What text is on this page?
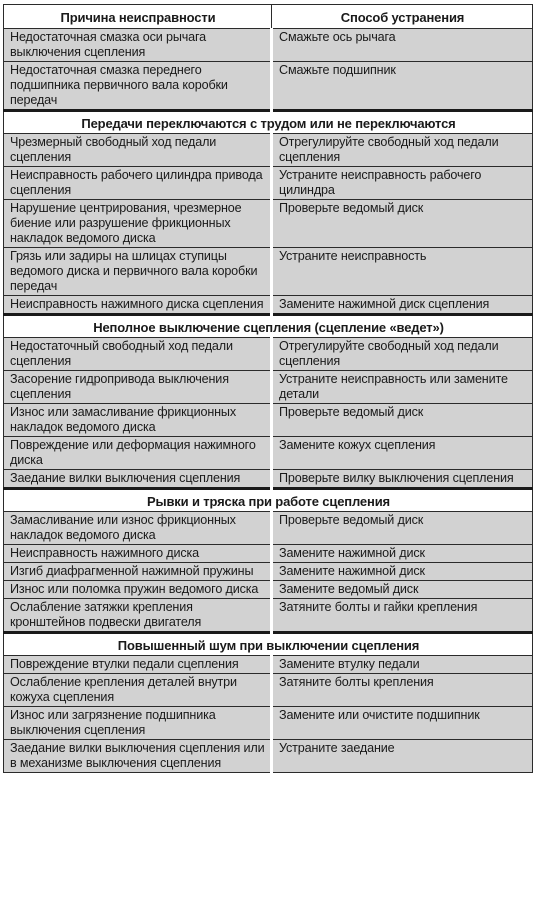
Причина неисправности	Способ устранения
Недостаточная смазка оси рычага выключения сцепления	Смажьте ось рычага
Недостаточная смазка переднего подшипника первичного вала коробки передач	Смажьте подшипник
Передачи переключаются с трудом или не переключаются	
Чрезмерный свободный ход педали сцепления	Отрегулируйте свободный ход педали сцепления
Неисправность рабочего цилиндра привода сцепления	Устраните неисправность рабочего цилиндра
Нарушение центрирования, чрезмерное биение или разрушение фрикционных накладок ведомого диска	Проверьте ведомый диск
Грязь или задиры на шлицах ступицы ведомого диска и первичного вала коробки передач	Устраните неисправность
Неисправность нажимного диска сцепления	Замените нажимной диск сцепления
Неполное выключение сцепления (сцепление «ведет»)	
Недостаточный свободный ход педали сцепления	Отрегулируйте свободный ход педали сцепления
Засорение гидропривода выключения сцепления	Устраните неисправность или замените детали
Износ или замасливание фрикционных накладок ведомого диска	Проверьте ведомый диск
Повреждение или деформация нажимного диска	Замените кожух сцепления
Заедание вилки выключения сцепления	Проверьте вилку выключения сцепления
Рывки и тряска при работе сцепления	
Замасливание или износ фрикционных накладок ведомого диска	Проверьте ведомый диск
Неисправность нажимного диска	Замените нажимной диск
Изгиб диафрагменной нажимной пружины	Замените нажимной диск
Износ или поломка пружин ведомого диска	Замените ведомый диск
Ослабление затяжки крепления кронштейнов подвески двигателя	Затяните болты и гайки крепления
Повышенный шум при выключении сцепления	
Повреждение втулки педали сцепления	Замените втулку педали
Ослабление крепления деталей внутри кожуха сцепления	Затяните болты крепления
Износ или загрязнение подшипника выключения сцепления	Замените или очистите подшипник
Заедание вилки выключения сцепления или в механизме выключения сцепления	Устраните заедание
